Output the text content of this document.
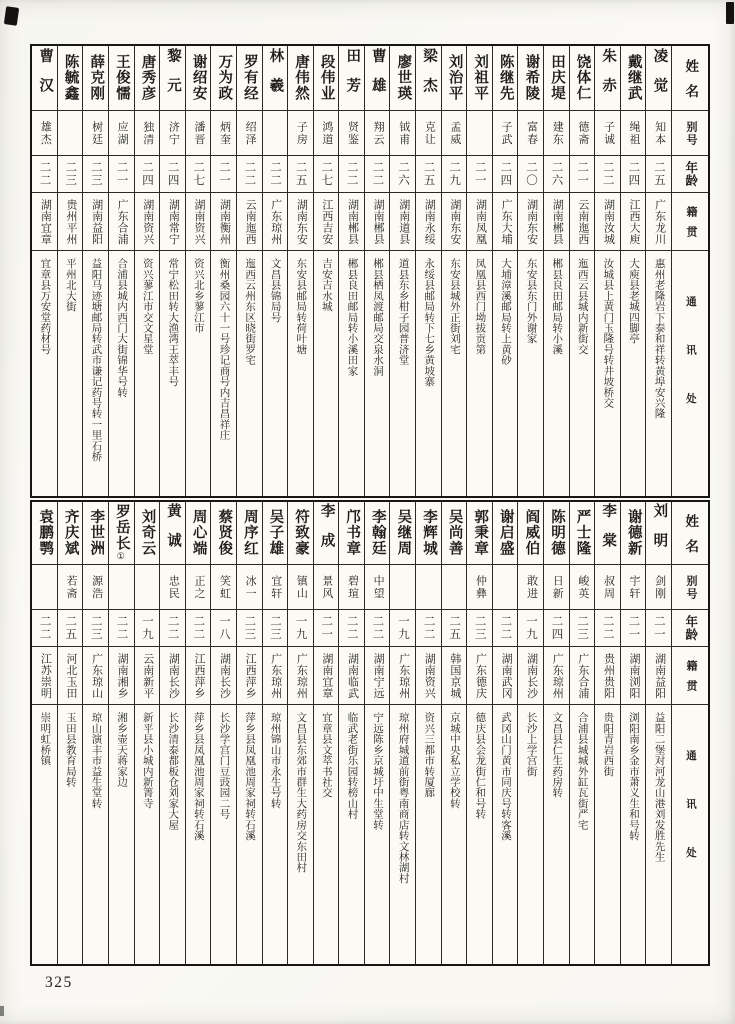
姓名
别号
年龄
籍贯
通讯处
凌觉
知本
二五
广东龙川
惠州老隆岩下泰和祥转黄埠安兴隆
戴继武
绳祖
二四
江西大庾
大庾县老城四脚亭
朱赤
子诚
二二
湖南汝城
汝城县上黄门玉隆号转井坡桥交
饶体仁
德斋
二一
云南迤西
迤西云县城内新街交
田庆堤
建东
二六
湖南郴县
郴县良田邮局转小溪
谢希陵
富春
二〇
湖南东安
东安县东门外谢家
陈继先
子武
二四
广东大埔
大埔漳溪邮局转上黄砂
刘祖平
二一
湖南凤凰
凤凰县西门坳拔贡第
刘治平
孟威
二九
湖南东安
东安县城外正街刘宅
梁杰
克让
二五
湖南永绥
永绥县邮局转下七乡黄坡寨
廖世瑛
钺甫
二六
湖南道县
道县东乡柑子园普济堂
曹雄
翔云
二二
湖南郴县
郴县栖凤渡邮局交泉水洞
田芳
贤鉴
二二
湖南郴县
郴县良田邮局转小溪田家
段伟业
鸿道
二七
江西吉安
吉安吉水城
唐伟然
子房
二五
湖南东安
东安县邮局转荷叶塘
林羲
二二
广东琼州
文昌县锦局号
罗有经
绍泽
二二
云南迤西
迤西云州东区晓街罗宅
万为政
炳奎
二一
湖南衡州
衡州桑园六十一号珍记商号内吉昌祥庄
谢绍安
潘晋
二七
湖南资兴
资兴北乡蓼江市
黎元
济宁
二四
湖南常宁
常宁松田转大渔湾王萃丰号
唐秀彦
独清
二四
湖南资兴
资兴蓼江市交文星堂
王俊懦
应湖
二一
广东合浦
合浦县城内西门大街锦华号转
薛克刚
树廷
二三
湖南益阳
益阳马迹塘邮局转武市谦记药号转一里石桥
陈毓鑫
二三
贵州平州
平州北大街
曹汉
雄杰
二二
湖南宜章
宜章县万安堂药材号
姓名
别号
年龄
籍贯
通讯处
刘明
剑刚
二一
湖南益阳
益阳二堡对河龙山港刘发胜先生
谢德新
宇轩
二一
湖南浏阳
浏阳南乡金市萧义生和号转
李棠
叔周
二二
贵州贵阳
贵阳青岩西街
严士隆
峻英
二三
广东合浦
合浦县城城外缸瓦街严宅
陈明德
日新
二四
广东琼州
文昌县仁生药房转
阎威伯
敢进
一九
湖南长沙
长沙上学宫街
谢启盛
二二
湖南武冈
武冈山门黄市同庆号转客溪
郭秉章
仲彝
二三
广东德庆
德庆县会龙街仁和号转
吴尚善
二五
韩国京城
京城中央私立学校转
李辉城
二二
湖南资兴
资兴三都市转厦廊
吴继周
一九
广东琼州
琼州府城道前街粤南商店转文林湖村
李翰廷
中望
二二
湖南宁远
宁远陈乡京城圩中生堂转
邝书章
碧瑄
二二
湖南临武
临武老街乐园转榜山村
李成
景风
二一
湖南宜章
宜章县文萃书社交
符致豪
镇山
一九
广东琼州
文昌县东郊市群生大药房交东田村
吴子雄
宜轩
二三
广东琼州
琼州锦山市永生号转
周序红
冰一
二三
江西萍乡
萍乡县凤凰池周家祠转石溪
蔡贤俊
笑虹
一八
湖南长沙
长沙学宫门豆豉园二号
周心端
正之
二二
江西萍乡
萍乡县凤凰池周家祠转石溪
黄诚
忠民
二二
湖南长沙
长沙清泰都板仓刘家大屋
刘奇云
一九
云南新平
新平县小城内新箐寺
罗岳长①
二二
湖南湘乡
湘乡壶天蒋家边
李世洲
源浩
二三
广东琼山
琼山演丰市益生堂转
齐庆斌
若斋
二五
河北玉田
玉田县教育局转
袁鹏鹗
二二
江苏崇明
崇明虹桥镇
325
